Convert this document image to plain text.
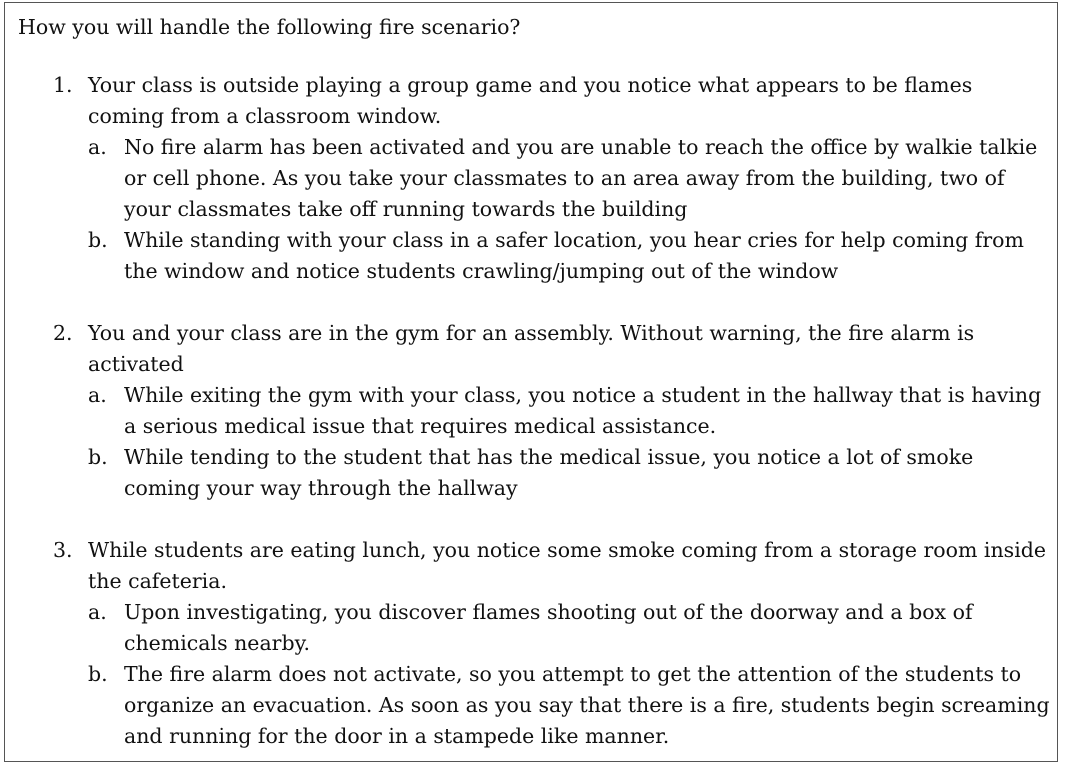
How you will handle the following fire scenario?

1. Your class is outside playing a group game and you notice what appears to be flames coming from a classroom window.
a. No fire alarm has been activated and you are unable to reach the office by walkie talkie or cell phone. As you take your classmates to an area away from the building, two of your classmates take off running towards the building
b. While standing with your class in a safer location, you hear cries for help coming from the window and notice students crawling/jumping out of the window
2. You and your class are in the gym for an assembly. Without warning, the fire alarm is activated
a. While exiting the gym with your class, you notice a student in the hallway that is having a serious medical issue that requires medical assistance.
b. While tending to the student that has the medical issue, you notice a lot of smoke coming your way through the hallway
3. While students are eating lunch, you notice some smoke coming from a storage room inside the cafeteria.
a. Upon investigating, you discover flames shooting out of the doorway and a box of chemicals nearby.
b. The fire alarm does not activate, so you attempt to get the attention of the students to organize an evacuation. As soon as you say that there is a fire, students begin screaming and running for the door in a stampede like manner.
